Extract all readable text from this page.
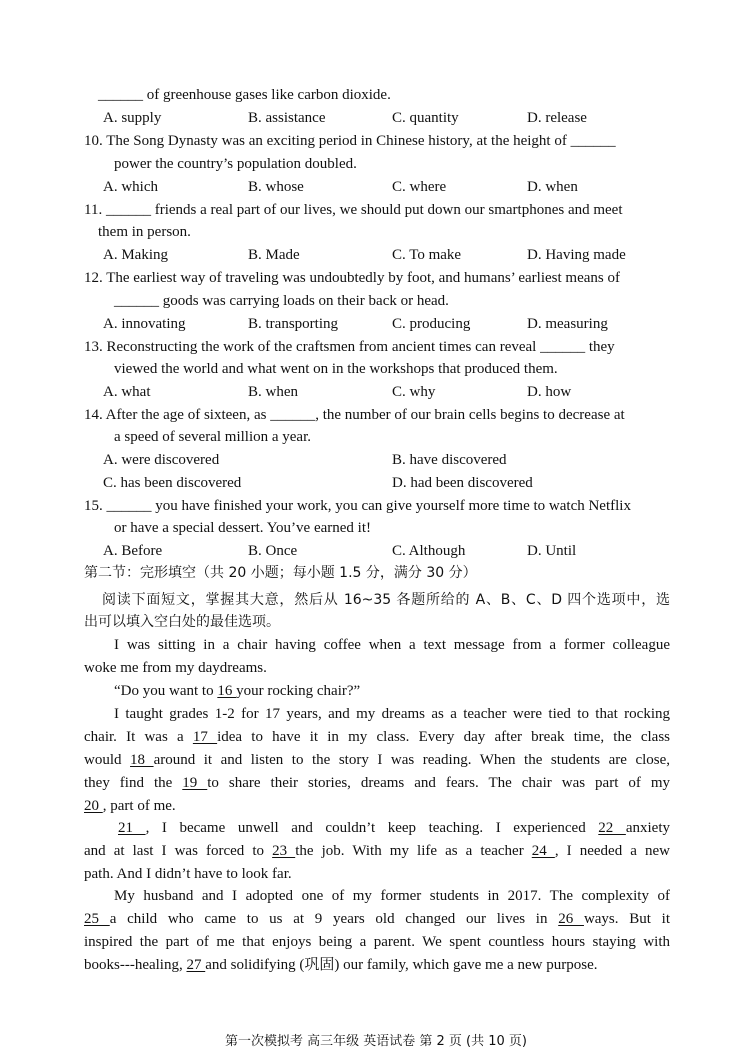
______ of greenhouse gases like carbon dioxide.
A. supply	B. assistance	C. quantity	D. release
10. The Song Dynasty was an exciting period in Chinese history, at the height of ______
power the country’s population doubled.
A. which	B. whose	C. where	D. when
11. ______ friends a real part of our lives, we should put down our smartphones and meet
them in person.
A. Making	B. Made	C. To make	D. Having made
12. The earliest way of traveling was undoubtedly by foot, and humans’ earliest means of
______ goods was carrying loads on their back or head.
A. innovating	B. transporting	C. producing	D. measuring
13. Reconstructing the work of the craftsmen from ancient times can reveal ______ they
viewed the world and what went on in the workshops that produced them.
A. what	B. when	C. why	D. how
14. After the age of sixteen, as ______, the number of our brain cells begins to decrease at
a speed of several million a year.
A. were discovered	B. have discovered
C. has been discovered	D. had been discovered
15. ______ you have finished your work, you can give yourself more time to watch Netflix
or have a special dessert. You’ve earned it!
A. Before	B. Once	C. Although	D. Until
第二节：完形填空（共 20 小题；每小题 1.5 分，满分 30 分）
阅读下面短文，掌握其大意，然后从 16~35 各题所给的 A、B、C、D 四个选项中，选
出可以填入空白处的最佳选项。
I was sitting in a chair having coffee when a text message from a former colleague
woke me from my daydreams.
“Do you want to 16 your rocking chair?”
I taught grades 1-2 for 17 years, and my dreams as a teacher were tied to that rocking
chair. It was a 17 idea to have it in my class. Every day after break time, the class
would 18 around it and listen to the story I was reading. When the students are close,
they find the 19 to share their stories, dreams and fears. The chair was part of my
20 , part of me.
21 , I became unwell and couldn’t keep teaching. I experienced 22 anxiety
and at last I was forced to 23 the job. With my life as a teacher 24 , I needed a new
path. And I didn’t have to look far.
My husband and I adopted one of my former students in 2017. The complexity of
25 a child who came to us at 9 years old changed our lives in 26 ways. But it
inspired the part of me that enjoys being a parent. We spent countless hours staying with
books---healing, 27 and solidifying (巩固) our family, which gave me a new purpose.
第一次模拟考 高三年级 英语试卷 第 2 页 (共 10 页)
